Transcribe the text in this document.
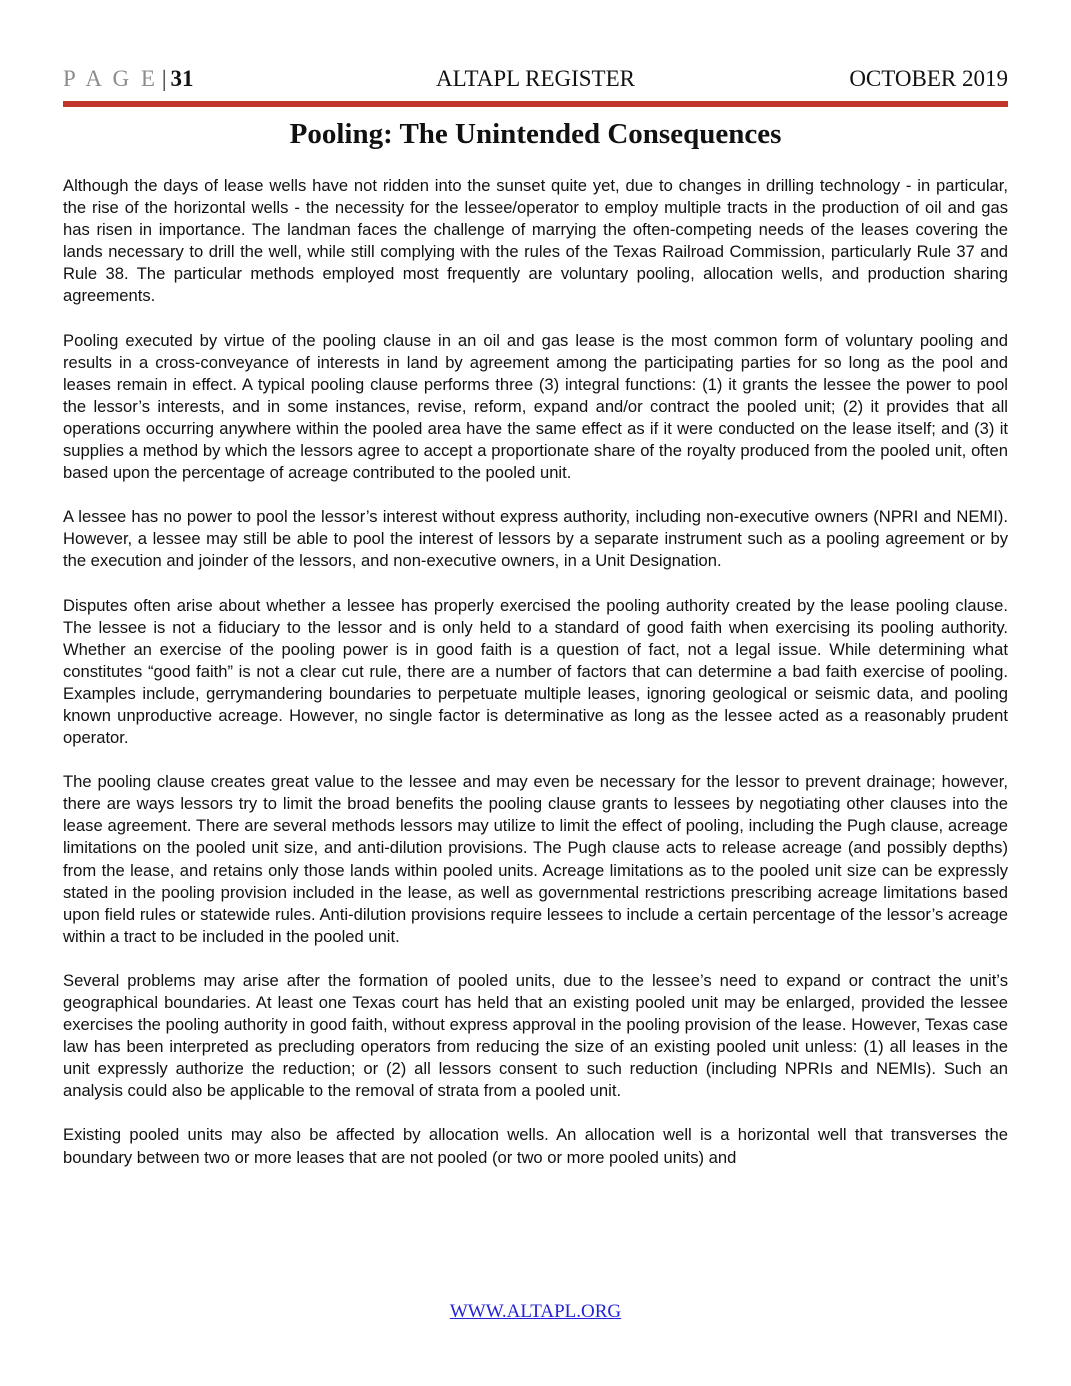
P A G E | 31	ALTAPL REGISTER	OCTOBER 2019
Pooling: The Unintended Consequences

Although the days of lease wells have not ridden into the sunset quite yet, due to changes in drilling technology - in particular, the rise of the horizontal wells - the necessity for the lessee/operator to employ multiple tracts in the production of oil and gas has risen in importance. The landman faces the challenge of marrying the often-competing needs of the leases covering the lands necessary to drill the well, while still complying with the rules of the Texas Railroad Commission, particularly Rule 37 and Rule 38. The particular methods employed most frequently are voluntary pooling, allocation wells, and production sharing agreements.

Pooling executed by virtue of the pooling clause in an oil and gas lease is the most common form of voluntary pooling and results in a cross-conveyance of interests in land by agreement among the participating parties for so long as the pool and leases remain in effect. A typical pooling clause performs three (3) integral functions: (1) it grants the lessee the power to pool the lessor’s interests, and in some instances, revise, reform, expand and/or contract the pooled unit; (2) it provides that all operations occurring anywhere within the pooled area have the same effect as if it were conducted on the lease itself; and (3) it supplies a method by which the lessors agree to accept a proportionate share of the royalty produced from the pooled unit, often based upon the percentage of acreage contributed to the pooled unit.

A lessee has no power to pool the lessor’s interest without express authority, including non-executive owners (NPRI and NEMI). However, a lessee may still be able to pool the interest of lessors by a separate instrument such as a pooling agreement or by the execution and joinder of the lessors, and non-executive owners, in a Unit Designation.

Disputes often arise about whether a lessee has properly exercised the pooling authority created by the lease pooling clause. The lessee is not a fiduciary to the lessor and is only held to a standard of good faith when exercising its pooling authority. Whether an exercise of the pooling power is in good faith is a question of fact, not a legal issue. While determining what constitutes “good faith” is not a clear cut rule, there are a number of factors that can determine a bad faith exercise of pooling. Examples include, gerrymandering boundaries to perpetuate multiple leases, ignoring geological or seismic data, and pooling known unproductive acreage. However, no single factor is determinative as long as the lessee acted as a reasonably prudent operator.

The pooling clause creates great value to the lessee and may even be necessary for the lessor to prevent drainage; however, there are ways lessors try to limit the broad benefits the pooling clause grants to lessees by negotiating other clauses into the lease agreement. There are several methods lessors may utilize to limit the effect of pooling, including the Pugh clause, acreage limitations on the pooled unit size, and anti-dilution provisions. The Pugh clause acts to release acreage (and possibly depths) from the lease, and retains only those lands within pooled units. Acreage limitations as to the pooled unit size can be expressly stated in the pooling provision included in the lease, as well as governmental restrictions prescribing acreage limitations based upon field rules or statewide rules. Anti-dilution provisions require lessees to include a certain percentage of the lessor’s acreage within a tract to be included in the pooled unit.

Several problems may arise after the formation of pooled units, due to the lessee’s need to expand or contract the unit’s geographical boundaries. At least one Texas court has held that an existing pooled unit may be enlarged, provided the lessee exercises the pooling authority in good faith, without express approval in the pooling provision of the lease. However, Texas case law has been interpreted as precluding operators from reducing the size of an existing pooled unit unless: (1) all leases in the unit expressly authorize the reduction; or (2) all lessors consent to such reduction (including NPRIs and NEMIs). Such an analysis could also be applicable to the removal of strata from a pooled unit.

Existing pooled units may also be affected by allocation wells. An allocation well is a horizontal well that transverses the boundary between two or more leases that are not pooled (or two or more pooled units) and

WWW.ALTAPL.ORG
